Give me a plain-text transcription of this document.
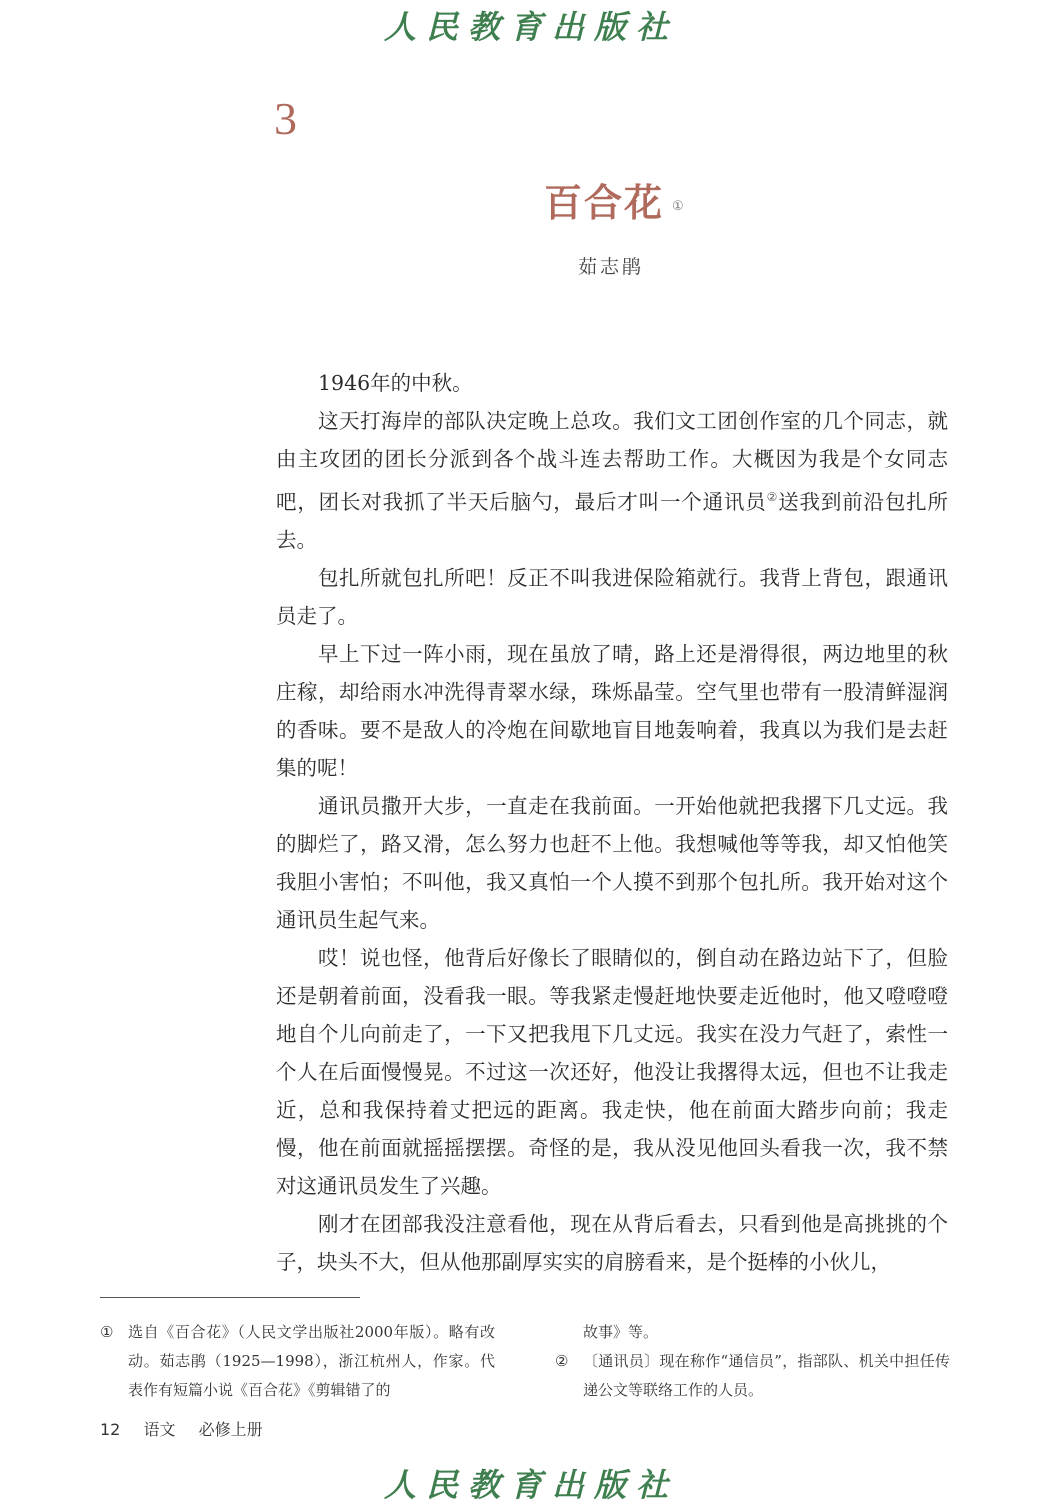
人民教育出版社
3
百合花 ①
茹志鹃

1946年的中秋。

这天打海岸的部队决定晚上总攻。我们文工团创作室的几个同志，就由主攻团的团长分派到各个战斗连去帮助工作。大概因为我是个女同志吧，团长对我抓了半天后脑勺，最后才叫一个通讯员②送我到前沿包扎所去。

包扎所就包扎所吧！反正不叫我进保险箱就行。我背上背包，跟通讯员走了。

早上下过一阵小雨，现在虽放了晴，路上还是滑得很，两边地里的秋庄稼，却给雨水冲洗得青翠水绿，珠烁晶莹。空气里也带有一股清鲜湿润的香味。要不是敌人的冷炮在间歇地盲目地轰响着，我真以为我们是去赶集的呢！

通讯员撒开大步，一直走在我前面。一开始他就把我撂下几丈远。我的脚烂了，路又滑，怎么努力也赶不上他。我想喊他等等我，却又怕他笑我胆小害怕；不叫他，我又真怕一个人摸不到那个包扎所。我开始对这个通讯员生起气来。

哎！说也怪，他背后好像长了眼睛似的，倒自动在路边站下了，但脸还是朝着前面，没看我一眼。等我紧走慢赶地快要走近他时，他又噔噔噔地自个儿向前走了，一下又把我甩下几丈远。我实在没力气赶了，索性一个人在后面慢慢晃。不过这一次还好，他没让我撂得太远，但也不让我走近，总和我保持着丈把远的距离。我走快，他在前面大踏步向前；我走慢，他在前面就摇摇摆摆。奇怪的是，我从没见他回头看我一次，我不禁对这通讯员发生了兴趣。

刚才在团部我没注意看他，现在从背后看去，只看到他是高挑挑的个子，块头不大，但从他那副厚实实的肩膀看来，是个挺棒的小伙儿，

① 选自《百合花》（人民文学出版社2000年版）。略有改动。茹志鹃（1925—1998），浙江杭州人，作家。代表作有短篇小说《百合花》《剪辑错了的
故事》等。
② 〔通讯员〕现在称作“通信员”，指部队、机关中担任传递公文等联络工作的人员。
12 语文 必修上册
人民教育出版社
